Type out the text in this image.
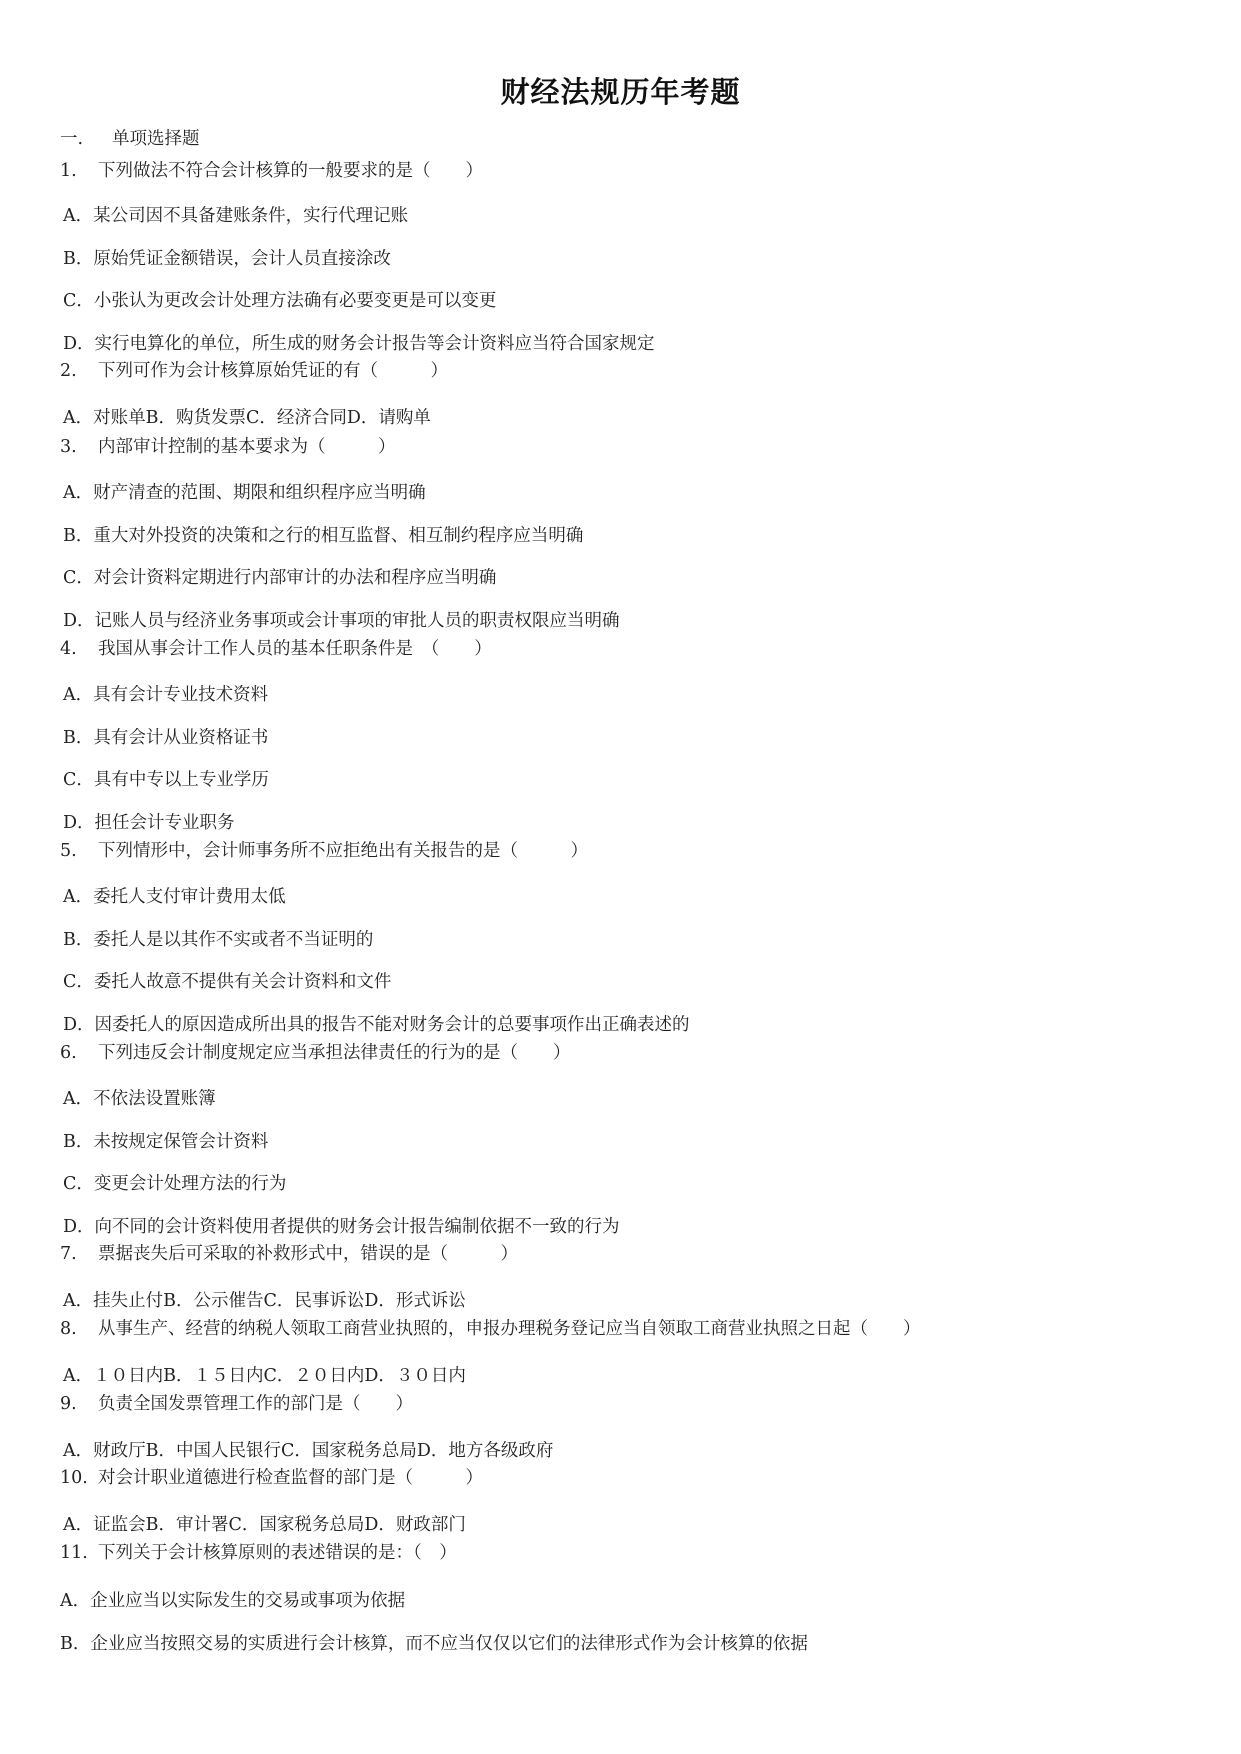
财经法规历年考题
一. 单项选择题
1. 下列做法不符合会计核算的一般要求的是（　　）
A．某公司因不具备建账条件，实行代理记账
B．原始凭证金额错误，会计人员直接涂改
C．小张认为更改会计处理方法确有必要变更是可以变更
D．实行电算化的单位，所生成的财务会计报告等会计资料应当符合国家规定
2. 下列可作为会计核算原始凭证的有（　　　）
A．对账单B．购货发票C．经济合同D．请购单
3. 内部审计控制的基本要求为（　　　）
A．财产清查的范围、期限和组织程序应当明确
B．重大对外投资的决策和之行的相互监督、相互制约程序应当明确
C．对会计资料定期进行内部审计的办法和程序应当明确
D．记账人员与经济业务事项或会计事项的审批人员的职责权限应当明确
4. 我国从事会计工作人员的基本任职条件是　（　　）
A．具有会计专业技术资料
B．具有会计从业资格证书
C．具有中专以上专业学历
D．担任会计专业职务
5. 下列情形中，会计师事务所不应拒绝出有关报告的是（　　　）
A．委托人支付审计费用太低
B．委托人是以其作不实或者不当证明的
C．委托人故意不提供有关会计资料和文件
D．因委托人的原因造成所出具的报告不能对财务会计的总要事项作出正确表述的
6. 下列违反会计制度规定应当承担法律责任的行为的是（　　）
A．不依法设置账簿
B．未按规定保管会计资料
C．变更会计处理方法的行为
D．向不同的会计资料使用者提供的财务会计报告编制依据不一致的行为
7. 票据丧失后可采取的补救形式中，错误的是（　　　）
A．挂失止付B．公示催告C．民事诉讼D．形式诉讼
8. 从事生产、经营的纳税人领取工商营业执照的，申报办理税务登记应当自领取工商营业执照之日起（　　）
A．１０日内B．１５日内C．２０日内D．３０日内
9. 负责全国发票管理工作的部门是（　　）
A．财政厅B．中国人民银行C．国家税务总局D．地方各级政府
10. 对会计职业道德进行检查监督的部门是（　　　）
A．证监会B．审计署C．国家税务总局D．财政部门
11. 下列关于会计核算原则的表述错误的是：（　）
A．企业应当以实际发生的交易或事项为依据
B．企业应当按照交易的实质进行会计核算，而不应当仅仅以它们的法律形式作为会计核算的依据
